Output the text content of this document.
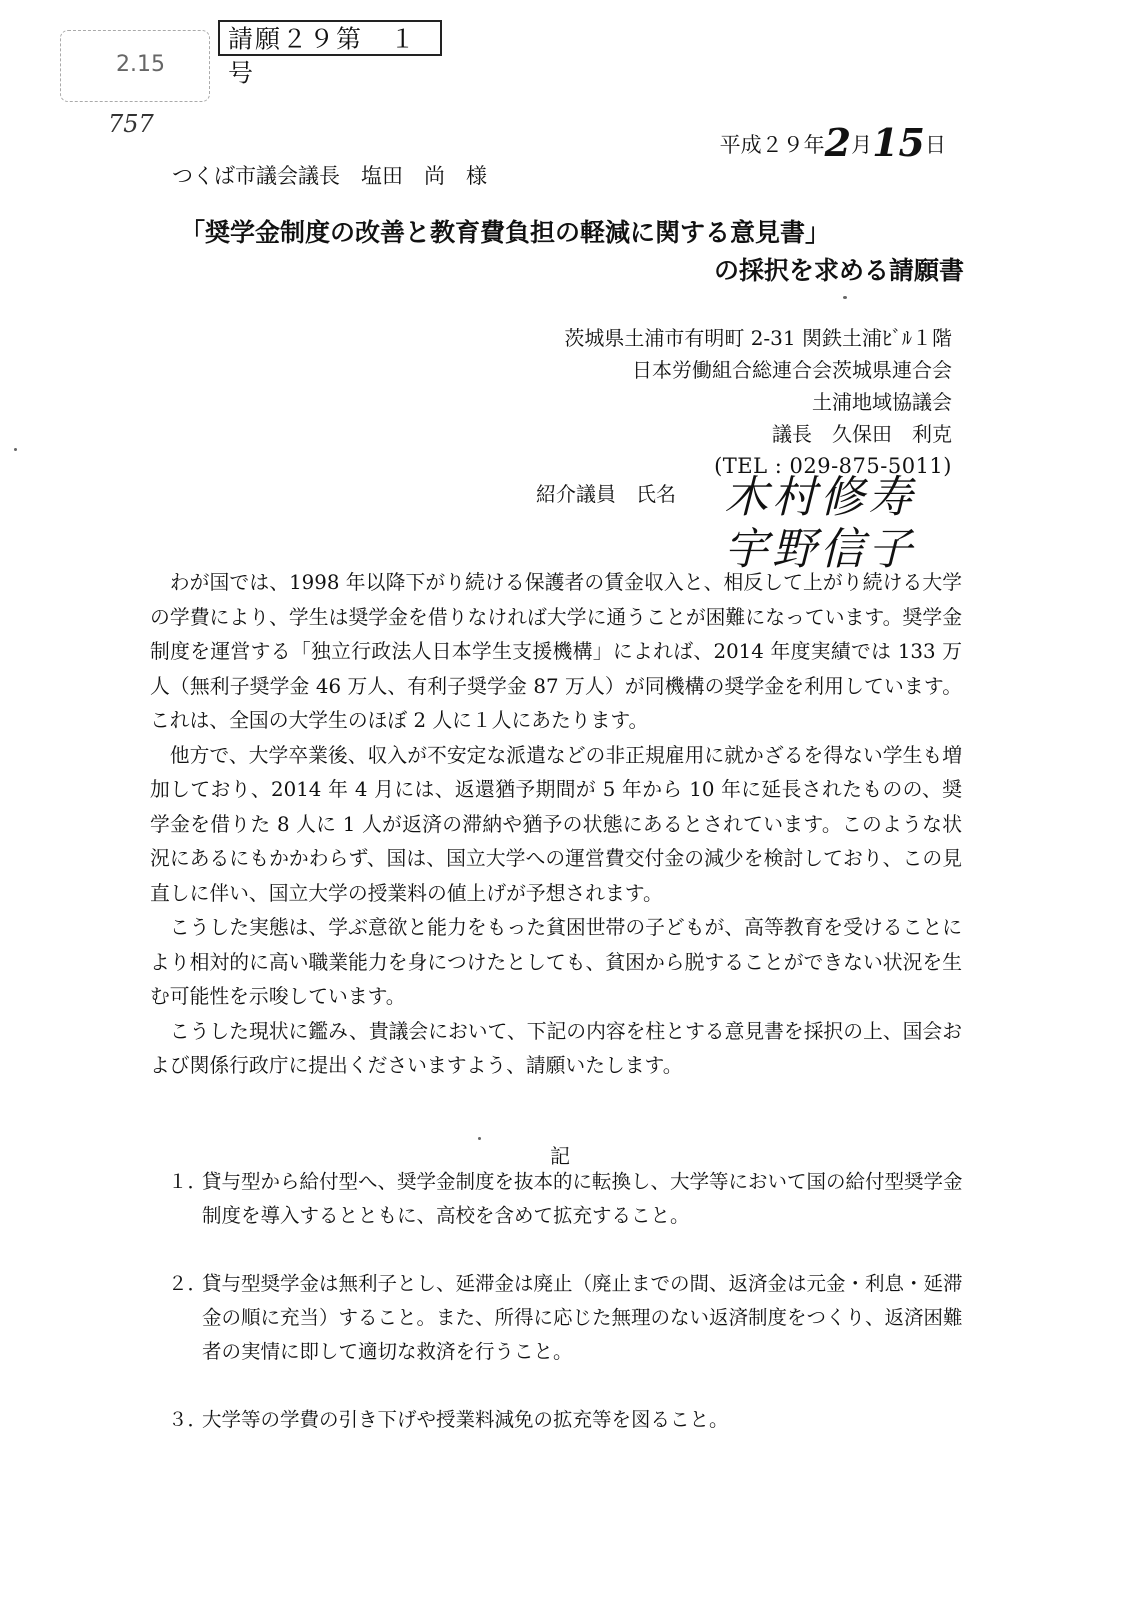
2.15
757
請願２９第　１　号
平成２９年2月15日
つくば市議会議長　塩田　尚　様
「奨学金制度の改善と教育費負担の軽減に関する意見書」
の採択を求める請願書
茨城県土浦市有明町 2-31 関鉄土浦ﾋﾞﾙ１階
日本労働組合総連合会茨城県連合会
土浦地域協議会
議長　久保田　利克
(TEL : 029-875-5011)
紹介議員　氏名 木村修寿
宇野信子

わが国では、1998 年以降下がり続ける保護者の賃金収入と、相反して上がり続ける大学の学費により、学生は奨学金を借りなければ大学に通うことが困難になっています。奨学金制度を運営する「独立行政法人日本学生支援機構」によれば、2014 年度実績では 133 万人（無利子奨学金 46 万人、有利子奨学金 87 万人）が同機構の奨学金を利用しています。これは、全国の大学生のほぼ 2 人に１人にあたります。

他方で、大学卒業後、収入が不安定な派遣などの非正規雇用に就かざるを得ない学生も増加しており、2014 年 4 月には、返還猶予期間が 5 年から 10 年に延長されたものの、奨学金を借りた 8 人に 1 人が返済の滞納や猶予の状態にあるとされています。このような状況にあるにもかかわらず、国は、国立大学への運営費交付金の減少を検討しており、この見直しに伴い、国立大学の授業料の値上げが予想されます。

こうした実態は、学ぶ意欲と能力をもった貧困世帯の子どもが、高等教育を受けることにより相対的に高い職業能力を身につけたとしても、貧困から脱することができない状況を生む可能性を示唆しています。

こうした現状に鑑み、貴議会において、下記の内容を柱とする意見書を採択の上、国会および関係行政庁に提出くださいますよう、請願いたします。

記
１．
貸与型から給付型へ、奨学金制度を抜本的に転換し、大学等において国の給付型奨学金制度を導入するとともに、高校を含めて拡充すること。
２．
貸与型奨学金は無利子とし、延滞金は廃止（廃止までの間、返済金は元金・利息・延滞金の順に充当）すること。また、所得に応じた無理のない返済制度をつくり、返済困難者の実情に即して適切な救済を行うこと。
３．
大学等の学費の引き下げや授業料減免の拡充等を図ること。
